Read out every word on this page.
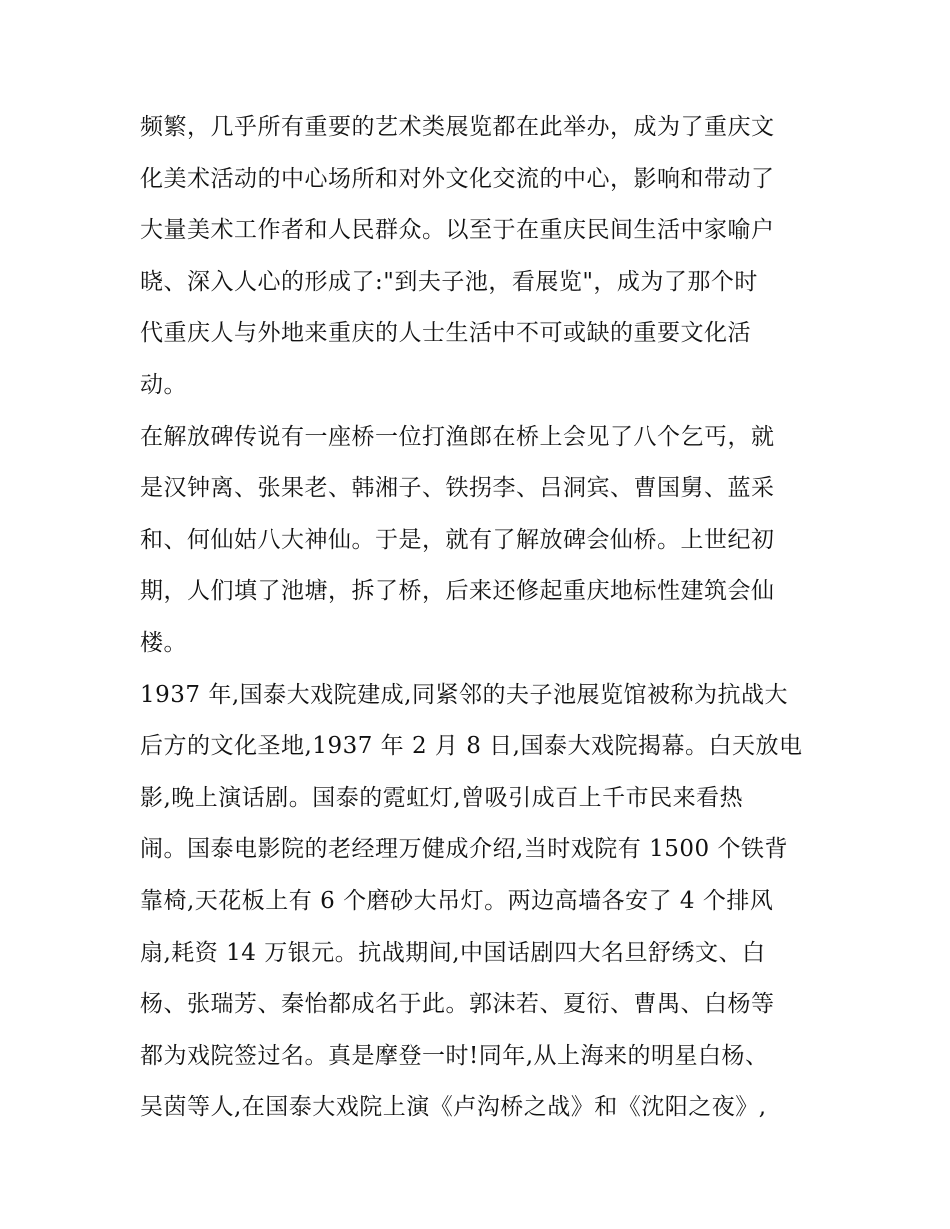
频繁，几乎所有重要的艺术类展览都在此举办，成为了重庆文
化美术活动的中心场所和对外文化交流的中心，影响和带动了
大量美术工作者和人民群众。以至于在重庆民间生活中家喻户
晓、深入人心的形成了:"到夫子池，看展览"，成为了那个时
代重庆人与外地来重庆的人士生活中不可或缺的重要文化活
动。
在解放碑传说有一座桥一位打渔郎在桥上会见了八个乞丐，就
是汉钟离、张果老、韩湘子、铁拐李、吕洞宾、曹国舅、蓝采
和、何仙姑八大神仙。于是，就有了解放碑会仙桥。上世纪初
期，人们填了池塘，拆了桥，后来还修起重庆地标性建筑会仙
楼。
1937 年,国泰大戏院建成,同紧邻的夫子池展览馆被称为抗战大
后方的文化圣地,1937 年 2 月 8 日,国泰大戏院揭幕。白天放电
影,晚上演话剧。国泰的霓虹灯,曾吸引成百上千市民来看热
闹。国泰电影院的老经理万健成介绍,当时戏院有 1500 个铁背
靠椅,天花板上有 6 个磨砂大吊灯。两边高墙各安了 4 个排风
扇,耗资 14 万银元。抗战期间,中国话剧四大名旦舒绣文、白
杨、张瑞芳、秦怡都成名于此。郭沫若、夏衍、曹禺、白杨等
都为戏院签过名。真是摩登一时!同年,从上海来的明星白杨、
吴茵等人,在国泰大戏院上演《卢沟桥之战》和《沈阳之夜》,
